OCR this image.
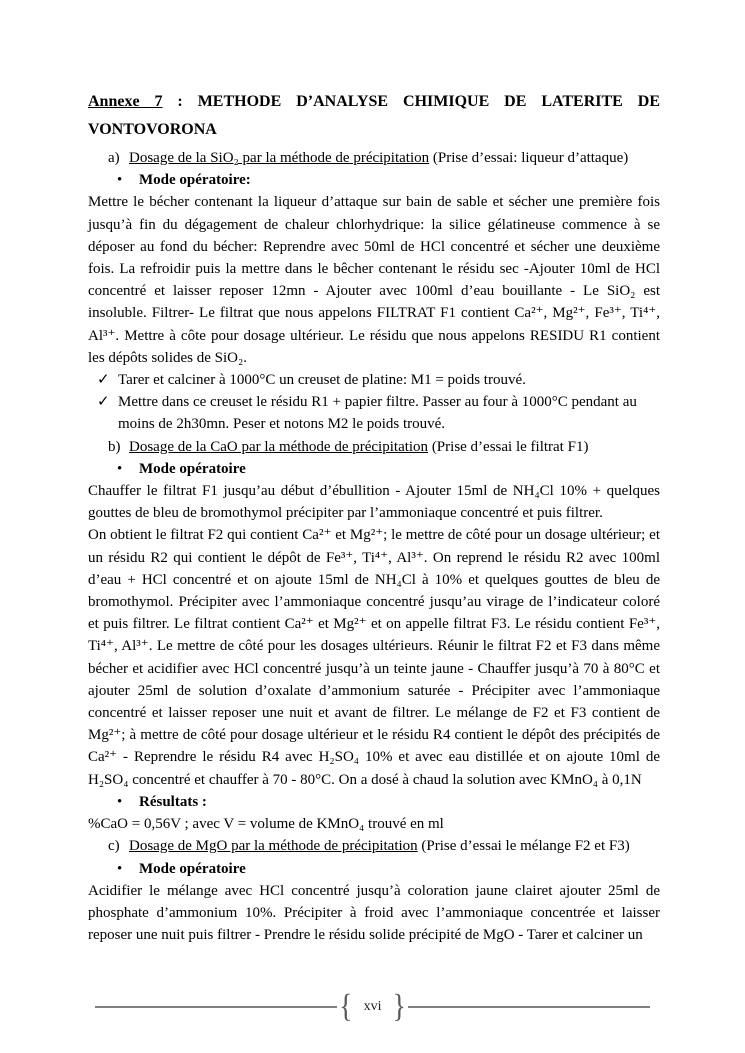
Annexe 7 : METHODE D’ANALYSE CHIMIQUE DE LATERITE DE
VONTOVORONA
a) Dosage de la SiO₂ par la méthode de précipitation (Prise d’essai: liqueur d’attaque)
•	Mode opératoire:

Mettre le bécher contenant la liqueur d’attaque sur bain de sable et sécher une première fois jusqu’à fin du dégagement de chaleur chlorhydrique: la silice gélatineuse commence à se déposer au fond du bécher: Reprendre avec 50ml de HCl concentré et sécher une deuxième fois. La refroidir puis la mettre dans le bêcher contenant le résidu sec -Ajouter 10ml de HCl concentré et laisser reposer 12mn - Ajouter avec 100ml d’eau bouillante - Le SiO₂ est insoluble. Filtrer- Le filtrat que nous appelons FILTRAT F1 contient Ca²⁺, Mg²⁺, Fe³⁺, Ti⁴⁺, Al³⁺. Mettre à côte pour dosage ultérieur. Le résidu que nous appelons RESIDU R1 contient les dépôts solides de SiO₂.

✓ Tarer et calciner à 1000°C un creuset de platine: M1 = poids trouvé.
✓ Mettre dans ce creuset le résidu R1 + papier filtre. Passer au four à 1000°C pendant au moins de 2h30mn. Peser et notons M2 le poids trouvé.
b) Dosage de la CaO par la méthode de précipitation (Prise d’essai le filtrat F1)
•	Mode opératoire

Chauffer le filtrat F1 jusqu’au début d’ébullition - Ajouter 15ml de NH₄Cl 10% + quelques gouttes de bleu de bromothymol précipiter par l’ammoniaque concentré et puis filtrer.

On obtient le filtrat F2 qui contient Ca²⁺ et Mg²⁺; le mettre de côté pour un dosage ultérieur; et un résidu R2 qui contient le dépôt de Fe³⁺, Ti⁴⁺, Al³⁺. On reprend le résidu R2 avec 100ml d’eau + HCl concentré et on ajoute 15ml de NH₄Cl à 10% et quelques gouttes de bleu de bromothymol. Précipiter avec l’ammoniaque concentré jusqu’au virage de l’indicateur coloré et puis filtrer. Le filtrat contient Ca²⁺ et Mg²⁺ et on appelle filtrat F3. Le résidu contient Fe³⁺, Ti⁴⁺, Al³⁺. Le mettre de côté pour les dosages ultérieurs. Réunir le filtrat F2 et F3 dans même bécher et acidifier avec HCl concentré jusqu’à un teinte jaune - Chauffer jusqu’à 70 à 80°C et ajouter 25ml de solution d’oxalate d’ammonium saturée - Précipiter avec l’ammoniaque concentré et laisser reposer une nuit et avant de filtrer. Le mélange de F2 et F3 contient de Mg²⁺; à mettre de côté pour dosage ultérieur et le résidu R4 contient le dépôt des précipités de Ca²⁺ - Reprendre le résidu R4 avec H₂SO₄ 10% et avec eau distillée et on ajoute 10ml de H₂SO₄ concentré et chauffer à 70 - 80°C. On a dosé à chaud la solution avec KMnO₄ à 0,1N

•	Résultats :

%CaO = 0,56V ; avec V = volume de KMnO₄ trouvé en ml

c) Dosage de MgO par la méthode de précipitation (Prise d’essai le mélange F2 et F3)
•	Mode opératoire

Acidifier le mélange avec HCl concentré jusqu’à coloration jaune clairet ajouter 25ml de phosphate d’ammonium 10%. Précipiter à froid avec l’ammoniaque concentrée et laisser reposer une nuit puis filtrer - Prendre le résidu solide précipité de MgO - Tarer et calciner un

{ xvi }
